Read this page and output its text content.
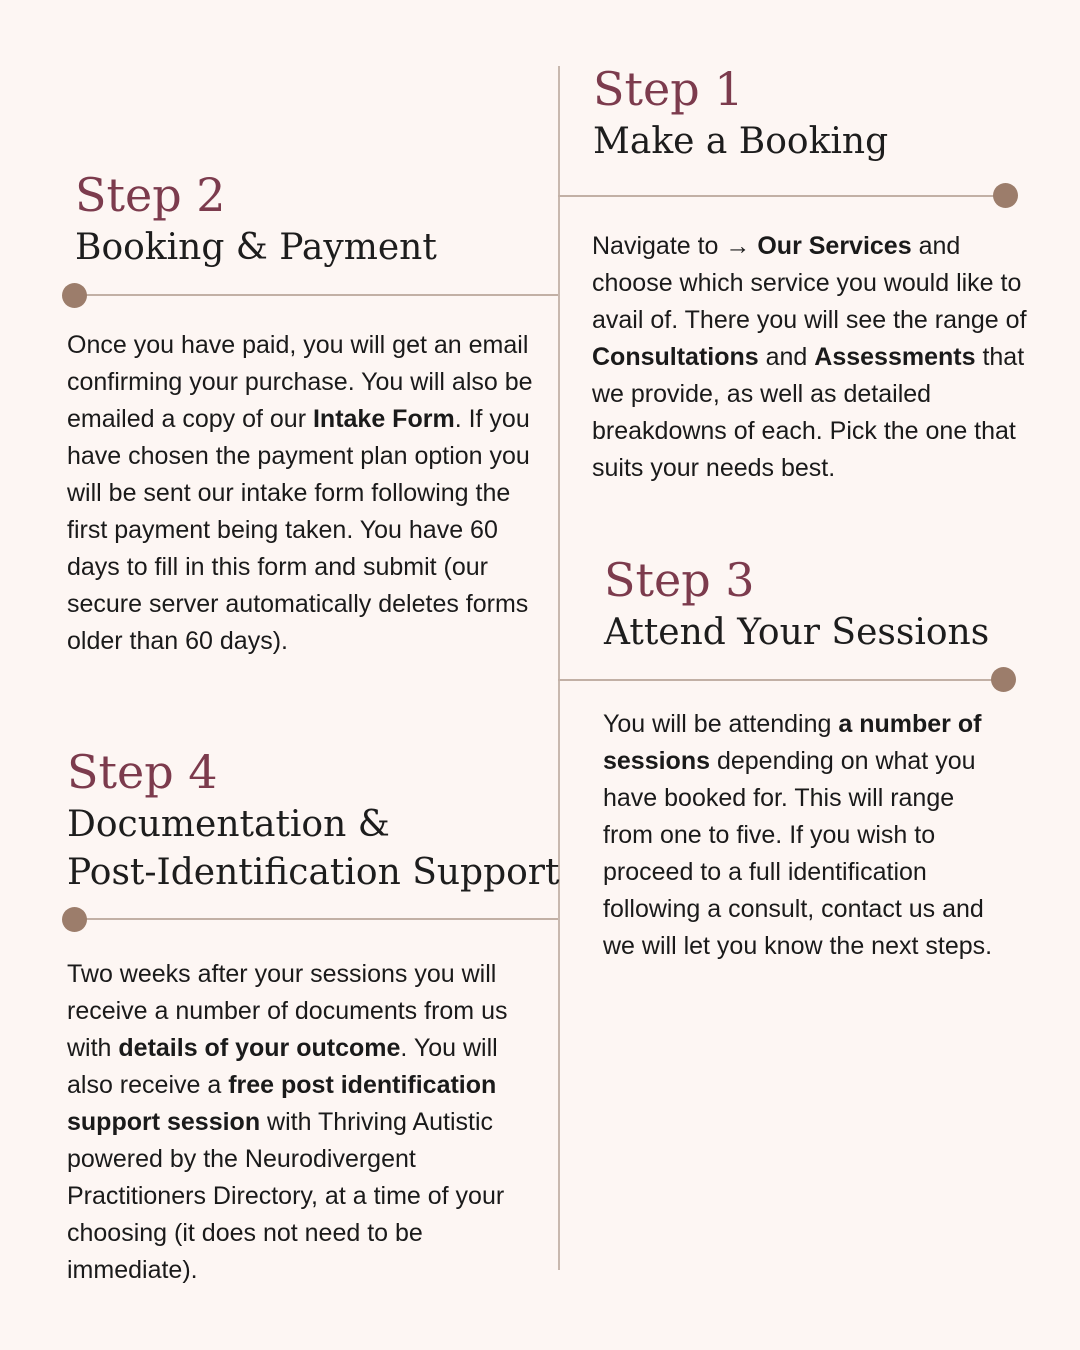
Step 1
Make a Booking
Navigate to → Our Services and choose which service you would like to avail of. There you will see the range of Consultations and Assessments that we provide, as well as detailed breakdowns of each. Pick the one that suits your needs best.
Step 2
Booking & Payment
Once you have paid, you will get an email confirming your purchase. You will also be emailed a copy of our Intake Form. If you have chosen the payment plan option you will be sent our intake form following the first payment being taken. You have 60 days to fill in this form and submit (our secure server automatically deletes forms older than 60 days).
Step 3
Attend Your Sessions
You will be attending a number of sessions depending on what you have booked for. This will range from one to five. If you wish to proceed to a full identification following a consult, contact us and we will let you know the next steps.
Step 4
Documentation &
Post-Identification Support
Two weeks after your sessions you will receive a number of documents from us with details of your outcome. You will also receive a free post identification support session with Thriving Autistic powered by the Neurodivergent Practitioners Directory, at a time of your choosing (it does not need to be immediate).
